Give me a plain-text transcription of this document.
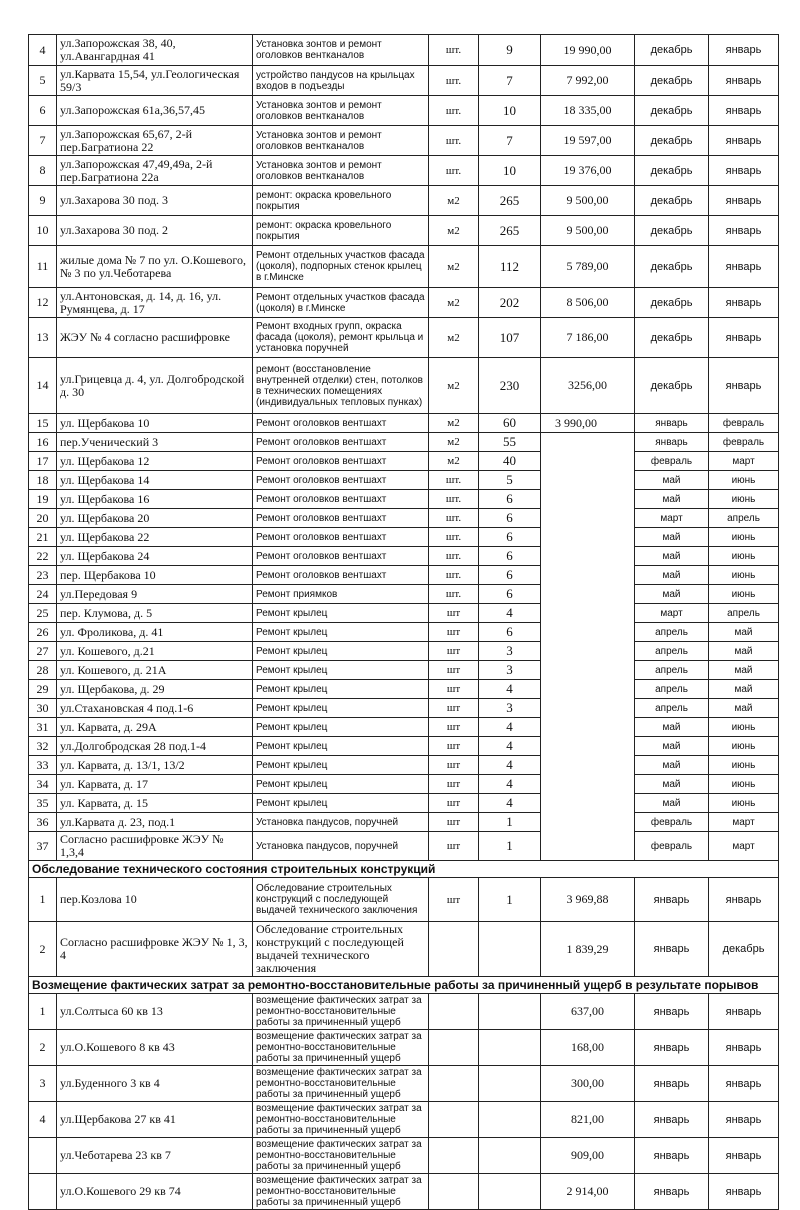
4	ул.Запорожская 38, 40, ул.Авангардная 41	Установка зонтов и ремонт оголовков вентканалов	шт.	9	19 990,00	декабрь	январь
5	ул.Карвата 15,54, ул.Геологическая 59/3	устройство пандусов на крыльцах входов в подъезды	шт.	7	7 992,00	декабрь	январь
6	ул.Запорожская 61а,36,57,45	Установка зонтов и ремонт оголовков вентканалов	шт.	10	18 335,00	декабрь	январь
7	ул.Запорожская 65,67, 2-й пер.Багратиона 22	Установка зонтов и ремонт оголовков вентканалов	шт.	7	19 597,00	декабрь	январь
8	ул.Запорожская 47,49,49а, 2-й пер.Багратиона 22а	Установка зонтов и ремонт оголовков вентканалов	шт.	10	19 376,00	декабрь	январь
9	ул.Захарова 30 под. 3	ремонт: окраска кровельного покрытия	м2	265	9 500,00	декабрь	январь
10	ул.Захарова 30 под. 2	ремонт: окраска кровельного покрытия	м2	265	9 500,00	декабрь	январь
11	жилые дома № 7 по ул. О.Кошевого, № 3 по ул.Чеботарева	Ремонт отдельных участков фасада (цоколя), подпорных стенок крылец в г.Минске	м2	112	5 789,00	декабрь	январь
12	ул.Антоновская, д. 14, д. 16, ул. Румянцева, д. 17	Ремонт отдельных участков фасада (цоколя) в г.Минске	м2	202	8 506,00	декабрь	январь
13	ЖЭУ № 4 согласно расшифровке	Ремонт входных групп, окраска фасада (цоколя), ремонт крыльца и установка поручней	м2	107	7 186,00	декабрь	январь
14	ул.Грицевца д. 4, ул. Долгобродской д. 30	ремонт (восстановление внутренней отделки) стен, потолков в технических помещениях (индивидуальных тепловых пунках)	м2	230	3256,00	декабрь	январь
15	ул. Щербакова 10	Ремонт оголовков вентшахт	м2	60	3 990,00	январь	февраль
16	пер.Ученический 3	Ремонт оголовков вентшахт	м2	55		январь	февраль
17	ул. Щербакова 12	Ремонт оголовков вентшахт	м2	40		февраль	март
18	ул. Щербакова 14	Ремонт оголовков вентшахт	шт.	5		май	июнь
19	ул. Щербакова 16	Ремонт оголовков вентшахт	шт.	6		май	июнь
20	ул. Щербакова 20	Ремонт оголовков вентшахт	шт.	6		март	апрель
21	ул. Щербакова 22	Ремонт оголовков вентшахт	шт.	6		май	июнь
22	ул. Щербакова 24	Ремонт оголовков вентшахт	шт.	6		май	июнь
23	пер. Щербакова 10	Ремонт оголовков вентшахт	шт.	6		май	июнь
24	ул.Передовая 9	Ремонт приямков	шт.	6		май	июнь
25	пер. Клумова, д. 5	Ремонт крылец	шт	4		март	апрель
26	ул. Фроликова, д. 41	Ремонт крылец	шт	6		апрель	май
27	ул. Кошевого, д.21	Ремонт крылец	шт	3		апрель	май
28	ул. Кошевого, д. 21А	Ремонт крылец	шт	3		апрель	май
29	ул. Щербакова, д. 29	Ремонт крылец	шт	4		апрель	май
30	ул.Стахановская 4 под.1-6	Ремонт крылец	шт	3		апрель	май
31	ул. Карвата, д. 29А	Ремонт крылец	шт	4		май	июнь
32	ул.Долгобродская 28 под.1-4	Ремонт крылец	шт	4		май	июнь
33	ул. Карвата, д. 13/1, 13/2	Ремонт крылец	шт	4		май	июнь
34	ул. Карвата, д. 17	Ремонт крылец	шт	4		май	июнь
35	ул. Карвата, д. 15	Ремонт крылец	шт	4		май	июнь
36	ул.Карвата д. 23, под.1	Установка пандусов, поручней	шт	1		февраль	март
37	Согласно расшифровке ЖЭУ № 1,3,4	Установка пандусов, поручней	шт	1		февраль	март
Обследование технического состояния строительных конструкций							
1	пер.Козлова 10	Обследование строительных конструкций с последующей выдачей технического заключения	шт	1	3 969,88	январь	январь
2	Согласно расшифровке ЖЭУ № 1, 3, 4	Обследование строительных конструкций с последующей выдачей технического заключения			1 839,29	январь	декабрь
Возмещение фактических затрат за ремонтно-восстановительные работы за причиненный ущерб в результате порывов							
1	ул.Солтыса 60 кв 13	возмещение фактических затрат за ремонтно-восстановительные работы за причиненный ущерб			637,00	январь	январь
2	ул.О.Кошевого 8 кв 43	возмещение фактических затрат за ремонтно-восстановительные работы за причиненный ущерб			168,00	январь	январь
3	ул.Буденного 3 кв 4	возмещение фактических затрат за ремонтно-восстановительные работы за причиненный ущерб			300,00	январь	январь
4	ул.Щербакова 27 кв 41	возмещение фактических затрат за ремонтно-восстановительные работы за причиненный ущерб			821,00	январь	январь
	ул.Чеботарева 23 кв 7	возмещение фактических затрат за ремонтно-восстановительные работы за причиненный ущерб			909,00	январь	январь
	ул.О.Кошевого 29 кв 74	возмещение фактических затрат за ремонтно-восстановительные работы за причиненный ущерб			2 914,00	январь	январь
